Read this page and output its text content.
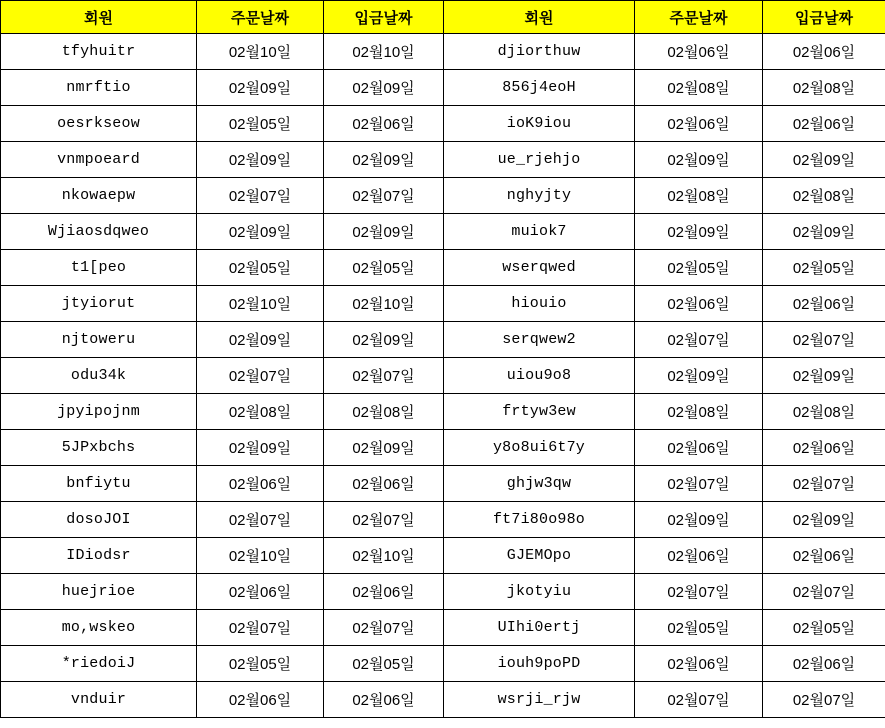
회원	주문날짜	입금날짜	회원	주문날짜	입금날짜
tfyhuitr	02월10일	02월10일	djiorthuw	02월06일	02월06일
nmrftio	02월09일	02월09일	856j4eoH	02월08일	02월08일
oesrkseow	02월05일	02월06일	ioK9iou	02월06일	02월06일
vnmpoeard	02월09일	02월09일	ue_rjehjo	02월09일	02월09일
nkowaepw	02월07일	02월07일	nghyjty	02월08일	02월08일
Wjiaosdqweo	02월09일	02월09일	muiok7	02월09일	02월09일
t1[peo	02월05일	02월05일	wserqwed	02월05일	02월05일
jtyiorut	02월10일	02월10일	hiouio	02월06일	02월06일
njtoweru	02월09일	02월09일	serqwew2	02월07일	02월07일
odu34k	02월07일	02월07일	uiou9o8	02월09일	02월09일
jpyipojnm	02월08일	02월08일	frtyw3ew	02월08일	02월08일
5JPxbchs	02월09일	02월09일	y8o8ui6t7y	02월06일	02월06일
bnfiytu	02월06일	02월06일	ghjw3qw	02월07일	02월07일
dosoJOI	02월07일	02월07일	ft7i80o98o	02월09일	02월09일
IDiodsr	02월10일	02월10일	GJEMOpo	02월06일	02월06일
huejrioe	02월06일	02월06일	jkotyiu	02월07일	02월07일
mo,wskeo	02월07일	02월07일	UIhi0ertj	02월05일	02월05일
*riedoiJ	02월05일	02월05일	iouh9poPD	02월06일	02월06일
vnduir	02월06일	02월06일	wsrji_rjw	02월07일	02월07일
